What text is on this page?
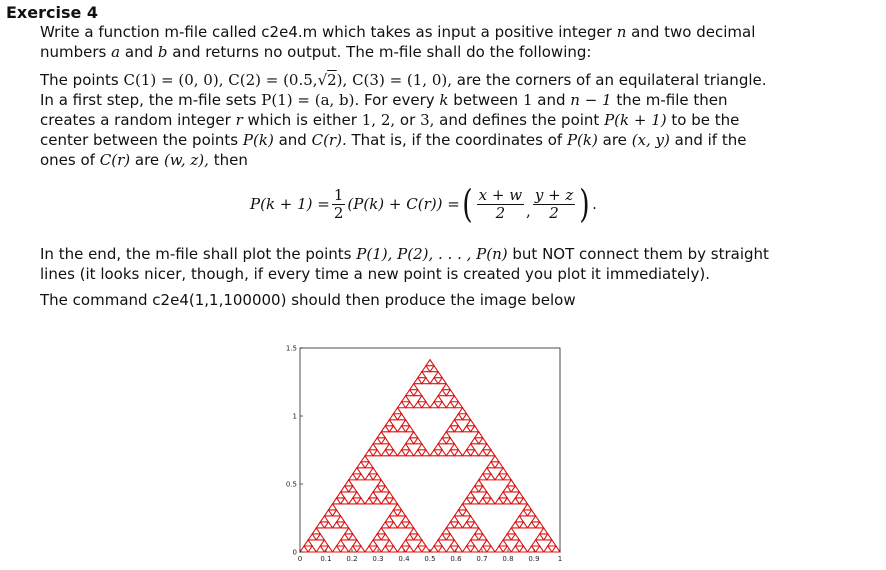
Exercise 4
Write a function m-file called c2e4.m which takes as input a positive integer n and two decimal
numbers a and b and returns no output. The m-file shall do the following:
The points C(1) = (0, 0), C(2) = (0.5,√2), C(3) = (1, 0), are the corners of an equilateral triangle.
In a first step, the m-file sets P(1) = (a, b). For every k between 1 and n − 1 the m-file then
creates a random integer r which is either 1, 2, or 3, and defines the point P(k + 1) to be the
center between the points P(k) and C(r). That is, if the coordinates of P(k) are (x, y) and if the
ones of C(r) are (w, z), then
$P(k + 1) = \frac{1}{2} (P(k) + C(r))$ = ( $\frac{x + w}{2}$ , $\frac{y + z}{2}$ ) .
In the end, the m-file shall plot the points P(1), P(2), . . . , P(n) but NOT connect them by straight
lines (it looks nicer, though, if every time a new point is created you plot it immediately).
The command c2e4(1,1,100000) should then produce the image below
0	0.1 0.2 0.3 0.4 0.5 0.6 0.7 0.8 0.9	1
0
0.5
1
1.5
